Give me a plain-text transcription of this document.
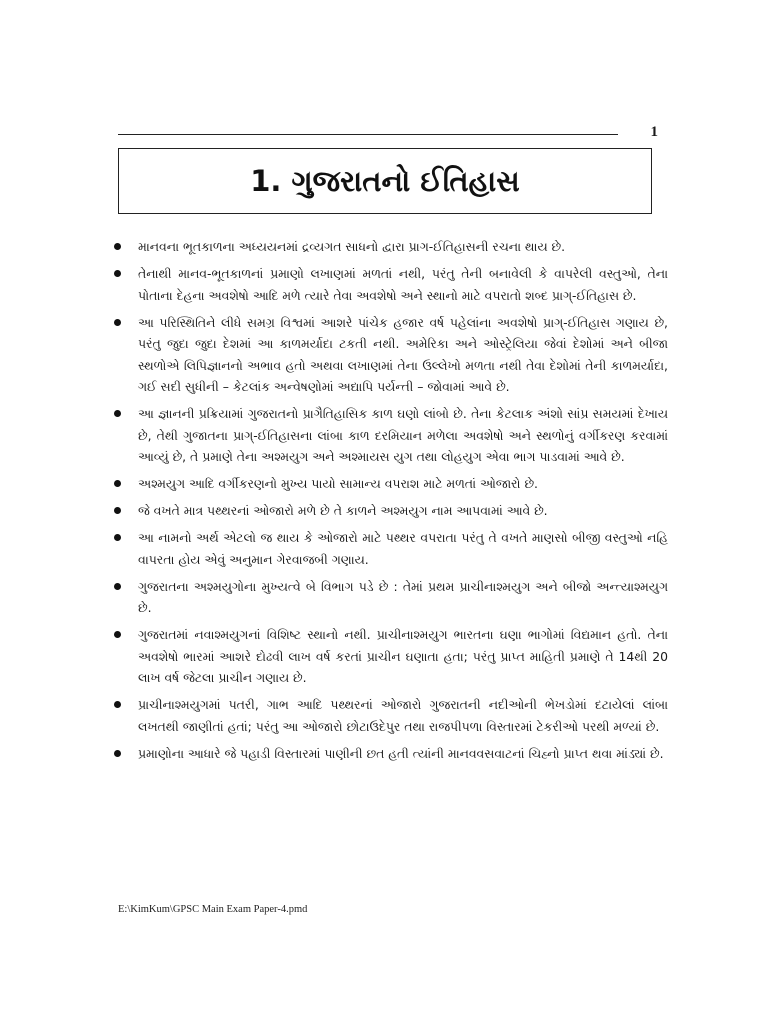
1
1. ગુજરાતનો ઈતિહાસ
માનવના ભૂતકાળના અધ્યયનમાં દ્રવ્યગત સાધનો દ્વારા પ્રાગ-ઈતિહાસની રચના થાય છે.
તેનાથી માનવ-ભૂતકાળનાં પ્રમાણો લખાણમાં મળતાં નથી, પરંતુ તેની બનાવેલી કે વાપરેલી વસ્તુઓ, તેના પોતાના દેહના અવશેષો આદિ મળે ત્યારે તેવા અવશેષો અને સ્થાનો માટે વપરાતો શબ્દ પ્રાગ્-ઈતિહાસ છે.
આ પરિસ્થિતિને લીધે સમગ્ર વિશ્વમાં આશરે પાંચેક હજાર વર્ષ પહેલાંના અવશેષો પ્રાગ્-ઈતિહાસ ગણાય છે, પરંતુ જુદા જુદા દેશમાં આ કાળમર્યાદા ટકતી નથી. અમેરિકા અને ઓસ્ટ્રેલિયા જેવાં દેશોમાં અને બીજા સ્થળોએ લિપિજ્ઞાનનો અભાવ હતો અથવા લખાણમાં તેના ઉલ્લેખો મળતા નથી તેવા દેશોમાં તેની કાળમર્યાદા, ગઈ સદી સુધીની – કેટલાંક અન્વેષણોમાં અદ્યાપિ પર્યન્તી – જોવામાં આવે છે.
આ જ્ઞાનની પ્રક્રિયામાં ગુજરાતનો પ્રાગૈતિહાસિક કાળ ઘણો લાંબો છે. તેના કેટલાક અંશો સાંપ્ર સમયમાં દેખાય છે, તેથી ગુજાતના પ્રાગ્-ઈતિહાસના લાંબા કાળ દરમિયાન મળેલા અવશેષો અને સ્થળોનું વર્ગીકરણ કરવામાં આવ્યું છે, તે પ્રમાણે તેના અશ્મયુગ અને અશ્માયસ યુગ તથા લોહયુગ એવા ભાગ પાડવામાં આવે છે.
અશ્મયુગ આદિ વર્ગીકરણનો મુખ્ય પાયો સામાન્ય વપરાશ માટે મળતાં ઓજારો છે.
જે વખતે માત્ર પથ્થરનાં ઓજારો મળે છે તે કાળને અશ્મયુગ નામ આપવામાં આવે છે.
આ નામનો અર્થ એટલો જ થાય કે ઓજારો માટે પથ્થર વપરાતા પરંતુ તે વખતે માણસો બીજી વસ્તુઓ નહિ વાપરતા હોય એવું અનુમાન ગેરવાજબી ગણાય.
ગુજરાતના અશ્મયુગોના મુખ્યત્વે બે વિભાગ પડે છે : તેમાં પ્રથમ પ્રાચીનાશ્મયુગ અને બીજો અન્ત્યાશ્મયુગ છે.
ગુજરાતમાં નવાશ્મયુગનાં વિશિષ્ટ સ્થાનો નથી. પ્રાચીનાશ્મયુગ ભારતના ઘણા ભાગોમાં વિદ્યમાન હતો. તેના અવશેષો ભારમાં આશરે દોઢવી લાખ વર્ષ કરતાં પ્રાચીન ઘણાતા હતા; પરંતુ પ્રાપ્ત માહિતી પ્રમાણે તે 14થી 20 લાખ વર્ષ જેટલા પ્રાચીન ગણાય છે.
પ્રાચીનાશ્મયુગમાં પતરી, ગાભ આદિ પથ્થરનાં ઓજારો ગુજરાતની નદીઓની ભેખડોમાં દટાયેલાં લાંબા લખતથી જાણીતાં હતાં; પરંતુ આ ઓજારો છોટાઉદેપુર તથા રાજપીપળા વિસ્તારમાં ટેકરીઓ પરથી મળ્યાં છે.
પ્રમાણોના આધારે જે પહાડી વિસ્તારમાં પાણીની છત હતી ત્યાંની માનવવસવાટનાં ચિહ્નો પ્રાપ્ત થવા માંડ્યાં છે.
E:\KimKum\GPSC Main Exam Paper-4.pmd
